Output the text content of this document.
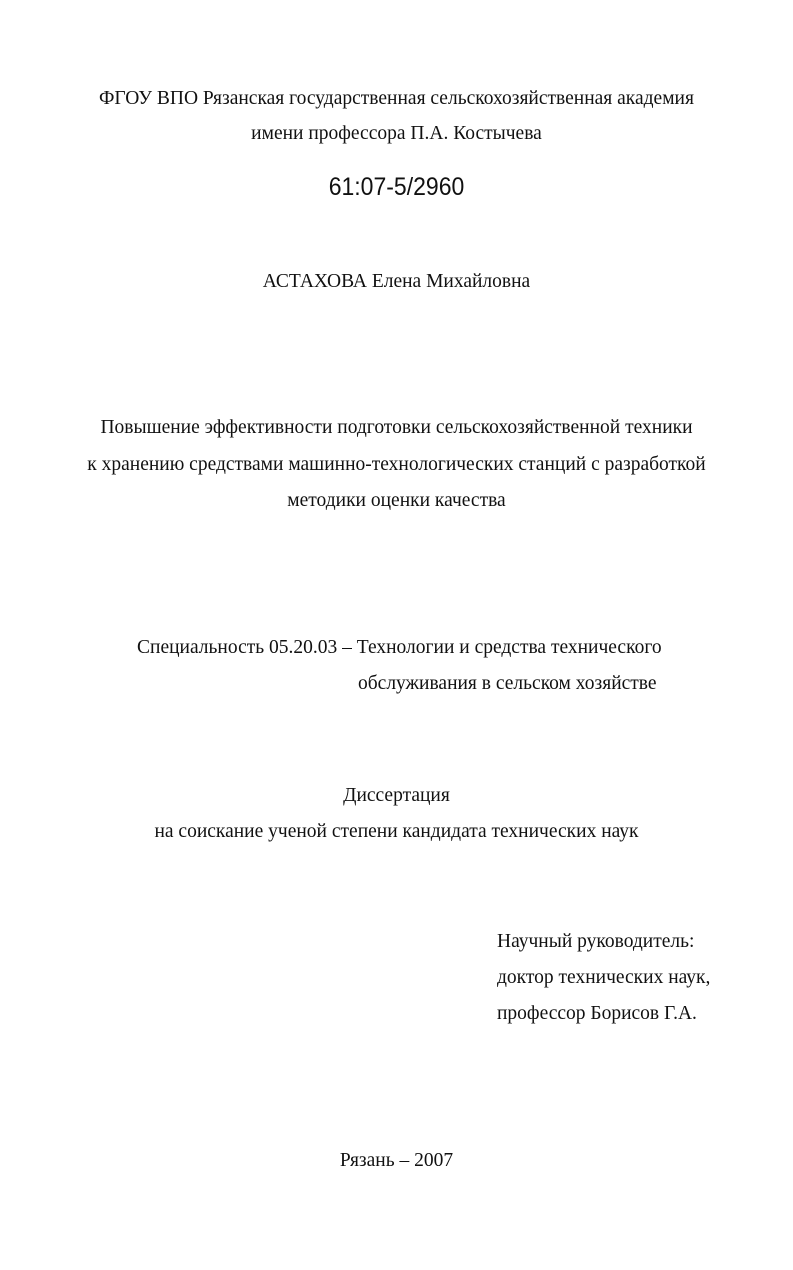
ФГОУ ВПО Рязанская государственная сельскохозяйственная академия
имени профессора П.А. Костычева
61:07-5/2960
АСТАХОВА Елена Михайловна
Повышение эффективности подготовки сельскохозяйственной техники
к хранению средствами машинно-технологических станций с разработкой
методики оценки качества
Специальность 05.20.03 – Технологии и средства технического
обслуживания в сельском хозяйстве
Диссертация
на соискание ученой степени кандидата технических наук
Научный руководитель:
доктор технических наук,
профессор Борисов Г.А.
Рязань – 2007
